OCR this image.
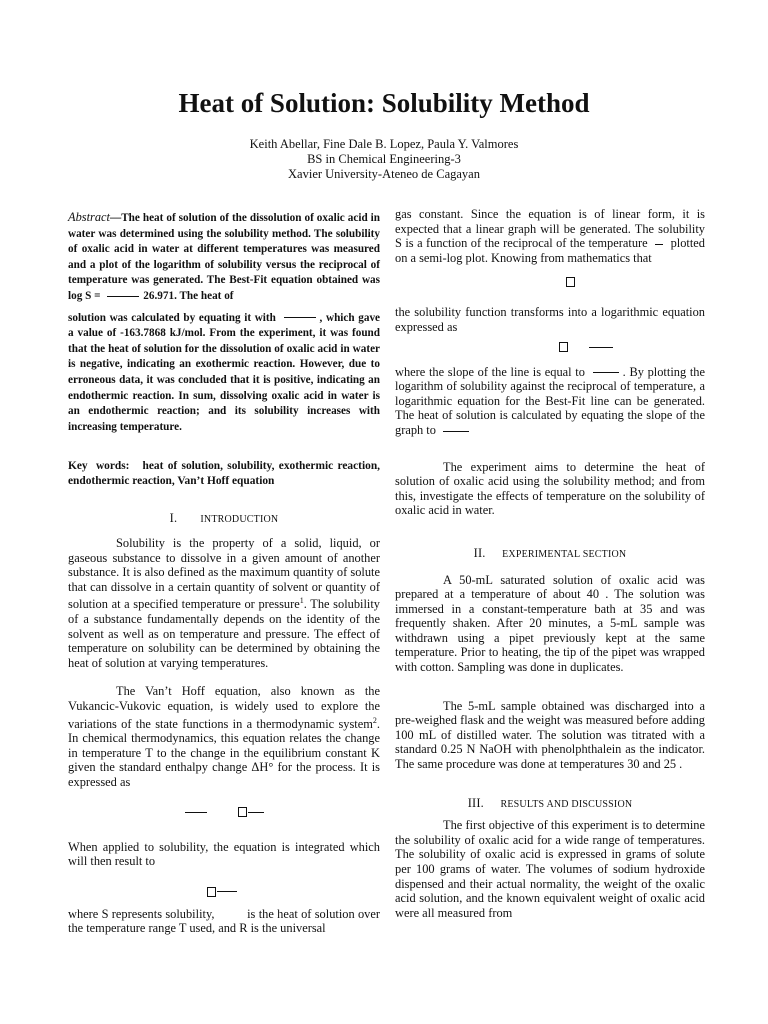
Heat of Solution: Solubility Method
Keith Abellar, Fine Dale B. Lopez, Paula Y. Valmores
BS in Chemical Engineering-3
Xavier University-Ateneo de Cagayan

Abstract—The heat of solution of the dissolution of oxalic acid in water was determined using the solubility method. The solubility of oxalic acid in water at different temperatures was measured and a plot of the logarithm of solubility versus the reciprocal of temperature was generated. The Best-Fit equation obtained was log S =	26.971. The heat of

solution was calculated by equating it with	, which gave a value of -163.7868 kJ/mol. From the experiment, it was found that the heat of solution for the dissolution of oxalic acid in water is negative, indicating an exothermic reaction. However, due to erroneous data, it was concluded that it is positive, indicating an endothermic reaction. In sum, dissolving oxalic acid in water is an endothermic reaction; and its solubility increases with increasing temperature.

Key words: heat of solution, solubility, exothermic reaction, endothermic reaction, Van’t Hoff equation

I. INTRODUCTION

Solubility is the property of a solid, liquid, or gaseous substance to dissolve in a given amount of another substance. It is also defined as the maximum quantity of solute that can dissolve in a certain quantity of solvent or quantity of solution at a specified temperature or pressure$^1$. The solubility of a substance fundamentally depends on the identity of the solvent as well as on temperature and pressure. The effect of temperature on solubility can be determined by obtaining the heat of solution at varying temperatures.

The Van’t Hoff equation, also known as the Vukancic-Vukovic equation, is widely used to explore the variations of the state functions in a thermodynamic system$^2$. In chemical thermodynamics, this equation relates the change in temperature T to the change in the equilibrium constant K given the standard enthalpy change ΔH° for the process. It is expressed as

When applied to solubility, the equation is integrated which will then result to

where S represents solubility,	is the heat of solution over the temperature range T used, and R is the universal

gas constant. Since the equation is of linear form, it is expected that a linear graph will be generated. The solubility S is a function of the reciprocal of the temperature plotted on a semi-log plot. Knowing from mathematics that

the solubility function transforms into a logarithmic equation expressed as

where the slope of the line is equal to	. By plotting the logarithm of solubility against the reciprocal of temperature, a logarithmic equation for the Best-Fit line can be generated. The heat of solution is calculated by equating the slope of the graph to

The experiment aims to determine the heat of solution of oxalic acid using the solubility method; and from this, investigate the effects of temperature on the solubility of oxalic acid in water.

II. EXPERIMENTAL SECTION

A 50-mL saturated solution of oxalic acid was prepared at a temperature of about 40 . The solution was immersed in a constant-temperature bath at 35 and was frequently shaken. After 20 minutes, a 5-mL sample was withdrawn using a pipet previously kept at the same temperature. Prior to heating, the tip of the pipet was wrapped with cotton. Sampling was done in duplicates.

The 5-mL sample obtained was discharged into a pre-weighed flask and the weight was measured before adding 100 mL of distilled water. The solution was titrated with a standard 0.25 N NaOH with phenolphthalein as the indicator. The same procedure was done at temperatures 30 and 25 .

III. RESULTS AND DISCUSSION

The first objective of this experiment is to determine the solubility of oxalic acid for a wide range of temperatures. The solubility of oxalic acid is expressed in grams of solute per 100 grams of water. The volumes of sodium hydroxide dispensed and their actual normality, the weight of the oxalic acid solution, and the known equivalent weight of oxalic acid were all measured from
